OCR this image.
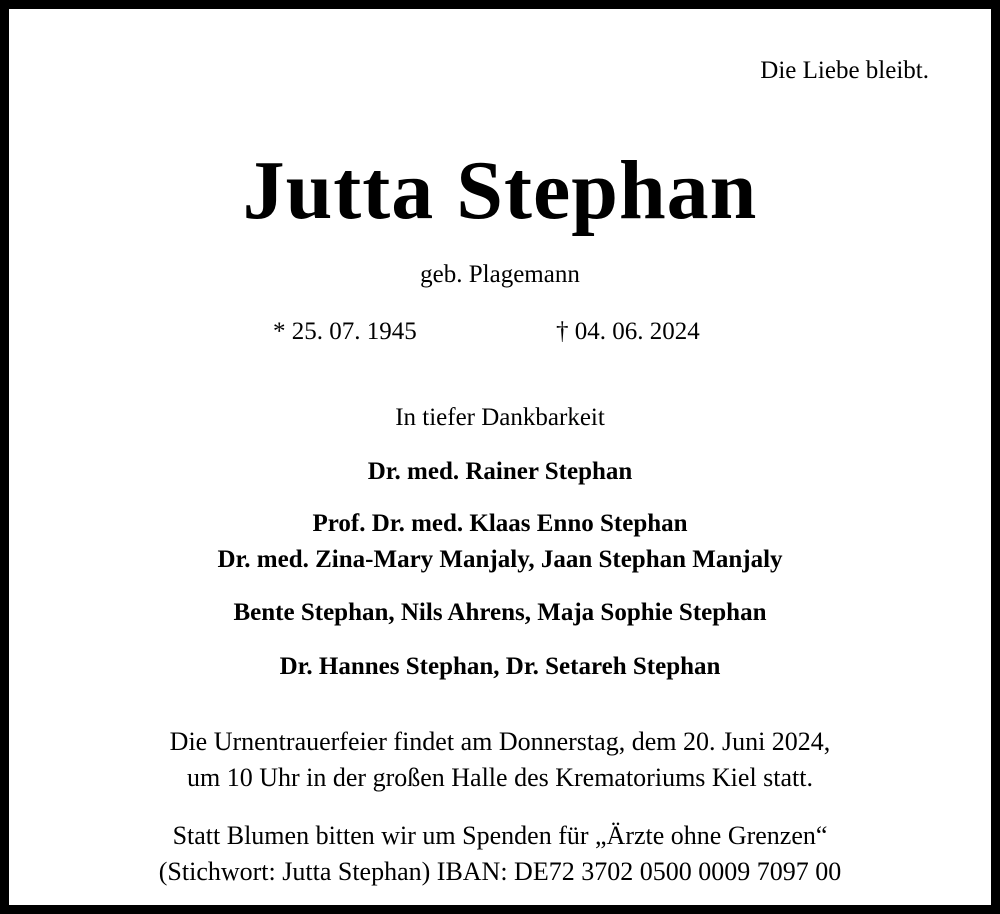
Die Liebe bleibt.
Jutta Stephan
geb. Plagemann
* 25. 07. 1945	† 04. 06. 2024
In tiefer Dankbarkeit
Dr. med. Rainer Stephan
Prof. Dr. med. Klaas Enno Stephan
Dr. med. Zina-Mary Manjaly, Jaan Stephan Manjaly
Bente Stephan, Nils Ahrens, Maja Sophie Stephan
Dr. Hannes Stephan, Dr. Setareh Stephan
Die Urnentrauerfeier findet am Donnerstag, dem 20. Juni 2024,
um 10 Uhr in der großen Halle des Krematoriums Kiel statt.
Statt Blumen bitten wir um Spenden für „Ärzte ohne Grenzen“
(Stichwort: Jutta Stephan) IBAN: DE72 3702 0500 0009 7097 00
